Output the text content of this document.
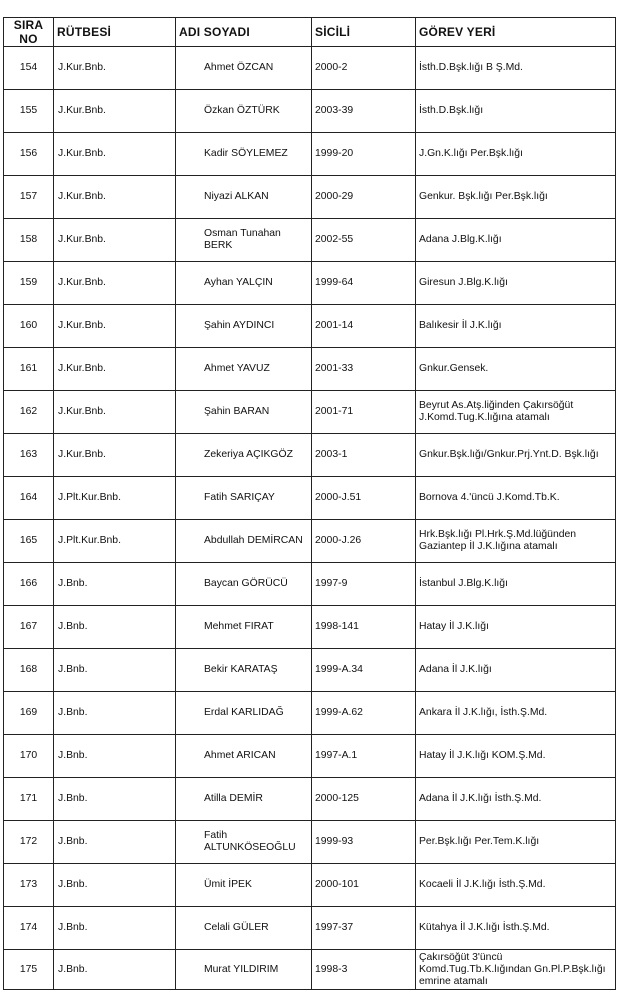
SIRA NO	RÜTBESİ	ADI SOYADI	SİCİLİ	GÖREV YERİ
154	J.Kur.Bnb.	Ahmet ÖZCAN	2000-2	İsth.D.Bşk.lığı B Ş.Md.
155	J.Kur.Bnb.	Özkan ÖZTÜRK	2003-39	İsth.D.Bşk.lığı
156	J.Kur.Bnb.	Kadir SÖYLEMEZ	1999-20	J.Gn.K.lığı Per.Bşk.lığı
157	J.Kur.Bnb.	Niyazi ALKAN	2000-29	Genkur. Bşk.lığı Per.Bşk.lığı
158	J.Kur.Bnb.	Osman Tunahan BERK	2002-55	Adana J.Blg.K.lığı
159	J.Kur.Bnb.	Ayhan YALÇIN	1999-64	Giresun J.Blg.K.lığı
160	J.Kur.Bnb.	Şahin AYDINCI	2001-14	Balıkesir İl J.K.lığı
161	J.Kur.Bnb.	Ahmet YAVUZ	2001-33	Gnkur.Gensek.
162	J.Kur.Bnb.	Şahin BARAN	2001-71	Beyrut As.Atş.liğinden Çakırsöğüt J.Komd.Tug.K.lığına atamalı
163	J.Kur.Bnb.	Zekeriya AÇIKGÖZ	2003-1	Gnkur.Bşk.lığı/Gnkur.Prj.Ynt.D. Bşk.lığı
164	J.Plt.Kur.Bnb.	Fatih SARIÇAY	2000-J.51	Bornova 4.'üncü J.Komd.Tb.K.
165	J.Plt.Kur.Bnb.	Abdullah DEMİRCAN	2000-J.26	Hrk.Bşk.lığı Pl.Hrk.Ş.Md.lüğünden Gaziantep İl J.K.lığına atamalı
166	J.Bnb.	Baycan GÖRÜCÜ	1997-9	İstanbul J.Blg.K.lığı
167	J.Bnb.	Mehmet FIRAT	1998-141	Hatay İl J.K.lığı
168	J.Bnb.	Bekir KARATAŞ	1999-A.34	Adana İl J.K.lığı
169	J.Bnb.	Erdal KARLIDAĞ	1999-A.62	Ankara İl J.K.lığı, İsth.Ş.Md.
170	J.Bnb.	Ahmet ARICAN	1997-A.1	Hatay İl J.K.lığı KOM.Ş.Md.
171	J.Bnb.	Atilla DEMİR	2000-125	Adana İl J.K.lığı İsth.Ş.Md.
172	J.Bnb.	Fatih ALTUNKÖSEOĞLU	1999-93	Per.Bşk.lığı Per.Tem.K.lığı
173	J.Bnb.	Ümit İPEK	2000-101	Kocaeli İl J.K.lığı İsth.Ş.Md.
174	J.Bnb.	Celali GÜLER	1997-37	Kütahya İl J.K.lığı İsth.Ş.Md.
175	J.Bnb.	Murat YILDIRIM	1998-3	Çakırsöğüt 3'üncü Komd.Tug.Tb.K.lığından Gn.Pl.P.Bşk.lığı emrine atamalı
